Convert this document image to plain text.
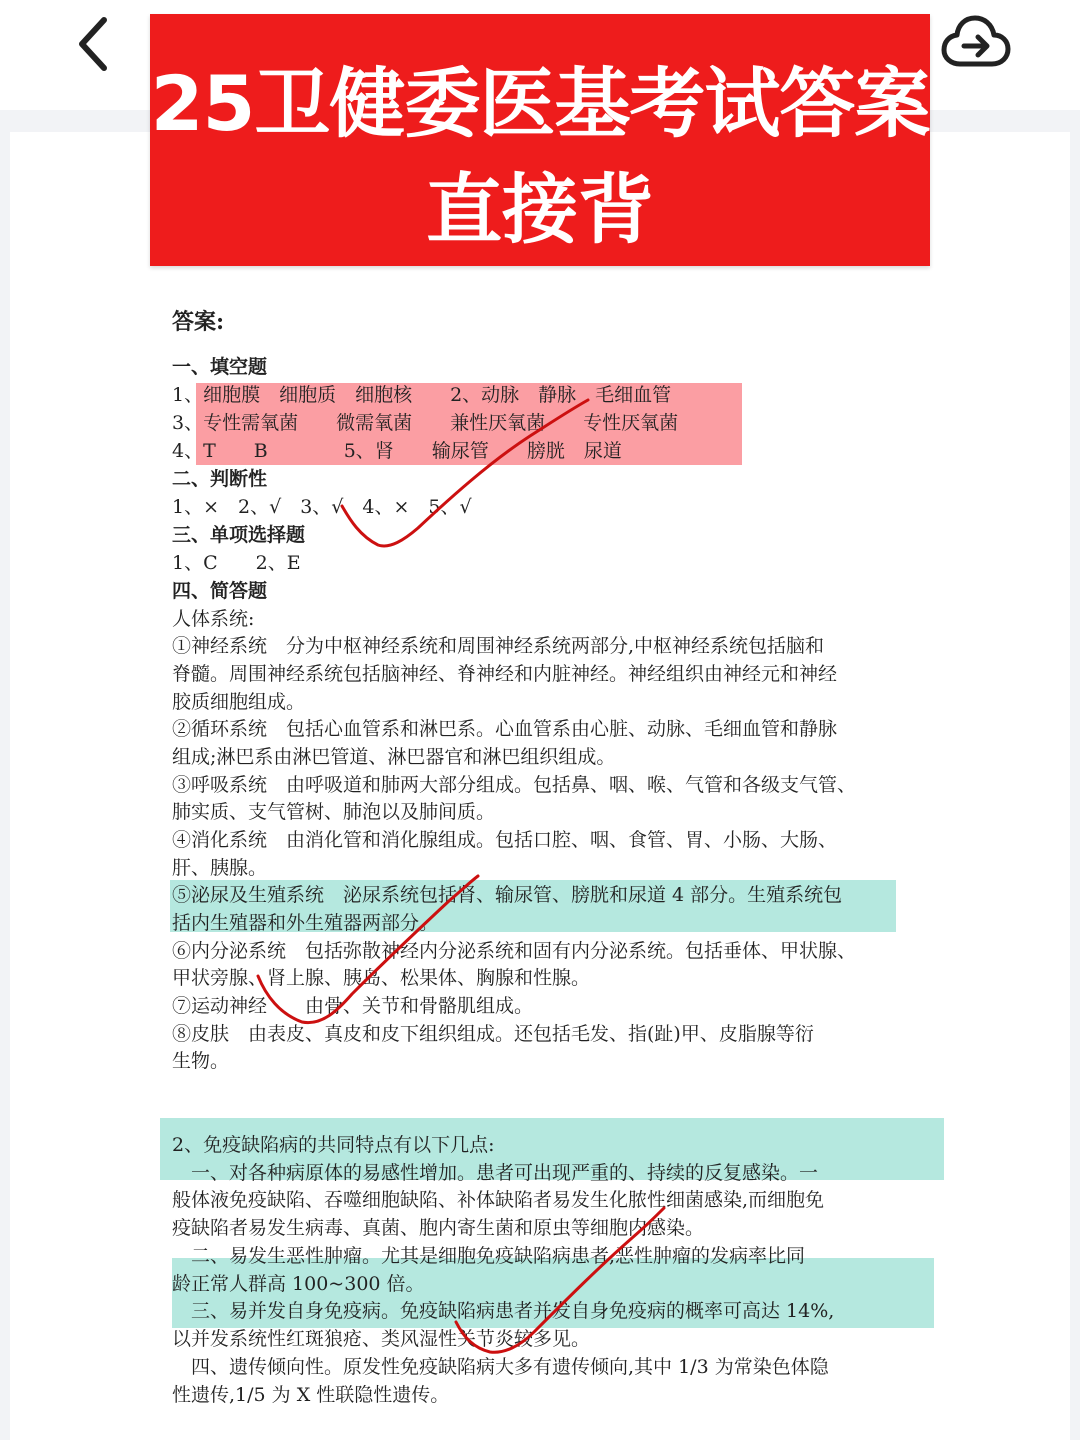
25卫健委医基考试答案
直接背
答案:
一、填空题
1、细胞膜　细胞质　细胞核　　2、动脉　静脉　毛细血管
3、专性需氧菌　　微需氧菌　　兼性厌氧菌　　专性厌氧菌
4、T　　B　　　　5、肾　　输尿管　　膀胱　尿道
二、判断性
1、×　2、√　3、√　4、×　5、√
三、单项选择题
1、C　　2、E
四、简答题
人体系统:
①神经系统　分为中枢神经系统和周围神经系统两部分,中枢神经系统包括脑和
脊髓。周围神经系统包括脑神经、脊神经和内脏神经。神经组织由神经元和神经
胶质细胞组成。
②循环系统　包括心血管系和淋巴系。心血管系由心脏、动脉、毛细血管和静脉
组成;淋巴系由淋巴管道、淋巴器官和淋巴组织组成。
③呼吸系统　由呼吸道和肺两大部分组成。包括鼻、咽、喉、气管和各级支气管、
肺实质、支气管树、肺泡以及肺间质。
④消化系统　由消化管和消化腺组成。包括口腔、咽、食管、胃、小肠、大肠、
肝、胰腺。
⑤泌尿及生殖系统　泌尿系统包括肾、输尿管、膀胱和尿道 4 部分。生殖系统包
括内生殖器和外生殖器两部分。
⑥内分泌系统　包括弥散神经内分泌系统和固有内分泌系统。包括垂体、甲状腺、
甲状旁腺、肾上腺、胰岛、松果体、胸腺和性腺。
⑦运动神经　　由骨、关节和骨骼肌组成。
⑧皮肤　由表皮、真皮和皮下组织组成。还包括毛发、指(趾)甲、皮脂腺等衍
生物。
2、免疫缺陷病的共同特点有以下几点:
　一、对各种病原体的易感性增加。患者可出现严重的、持续的反复感染。一
般体液免疫缺陷、吞噬细胞缺陷、补体缺陷者易发生化脓性细菌感染,而细胞免
疫缺陷者易发生病毒、真菌、胞内寄生菌和原虫等细胞内感染。
　二、易发生恶性肿瘤。尤其是细胞免疫缺陷病患者,恶性肿瘤的发病率比同
龄正常人群高 100~300 倍。
　三、易并发自身免疫病。免疫缺陷病患者并发自身免疫病的概率可高达 14%,
以并发系统性红斑狼疮、类风湿性关节炎较多见。
　四、遗传倾向性。原发性免疫缺陷病大多有遗传倾向,其中 1/3 为常染色体隐
性遗传,1/5 为 X 性联隐性遗传。
